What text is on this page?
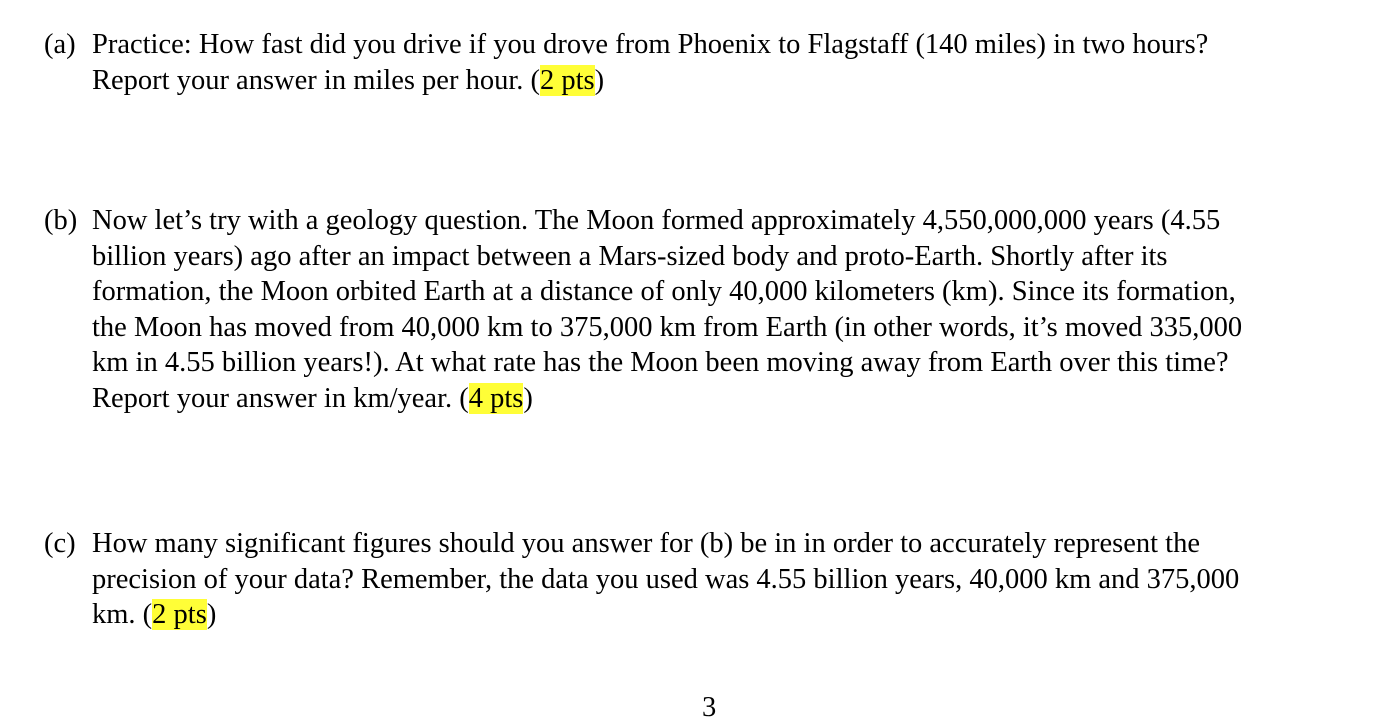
(a) Practice: How fast did you drive if you drove from Phoenix to Flagstaff (140 miles) in two hours?
Report your answer in miles per hour. (2 pts)
(b) Now let’s try with a geology question. The Moon formed approximately 4,550,000,000 years (4.55
billion years) ago after an impact between a Mars-sized body and proto-Earth. Shortly after its
formation, the Moon orbited Earth at a distance of only 40,000 kilometers (km). Since its formation,
the Moon has moved from 40,000 km to 375,000 km from Earth (in other words, it’s moved 335,000
km in 4.55 billion years!). At what rate has the Moon been moving away from Earth over this time?
Report your answer in km/year. (4 pts)
(c) How many significant figures should you answer for (b) be in in order to accurately represent the
precision of your data? Remember, the data you used was 4.55 billion years, 40,000 km and 375,000
km. (2 pts)
3
